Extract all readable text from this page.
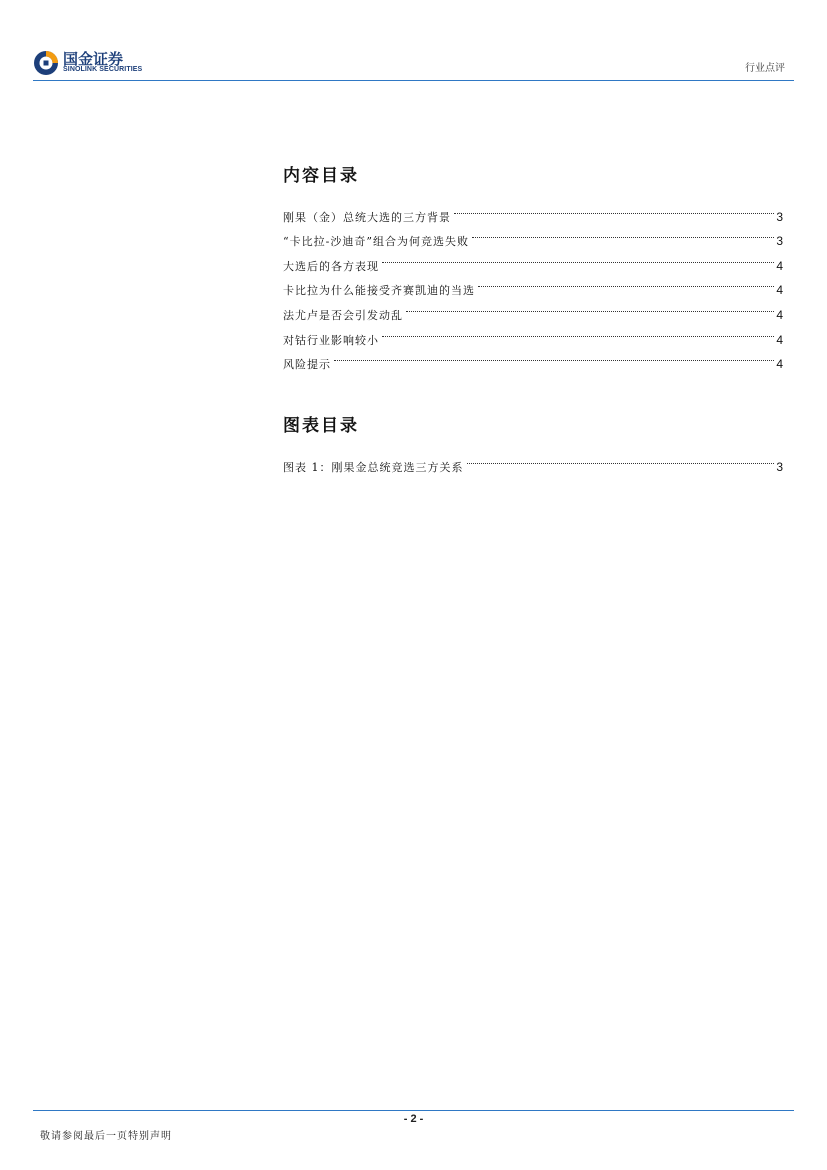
国金证券
SINOLINK SECURITIES	行业点评
内容目录
刚果（金）总统大选的三方背景	3
“卡比拉-沙迪奇”组合为何竞选失败	3
大选后的各方表现	4
卡比拉为什么能接受齐赛凯迪的当选	4
法尤卢是否会引发动乱	4
对钴行业影响较小	4
风险提示	4
图表目录
图表 1：刚果金总统竞选三方关系	3
- 2 -
敬请参阅最后一页特别声明
